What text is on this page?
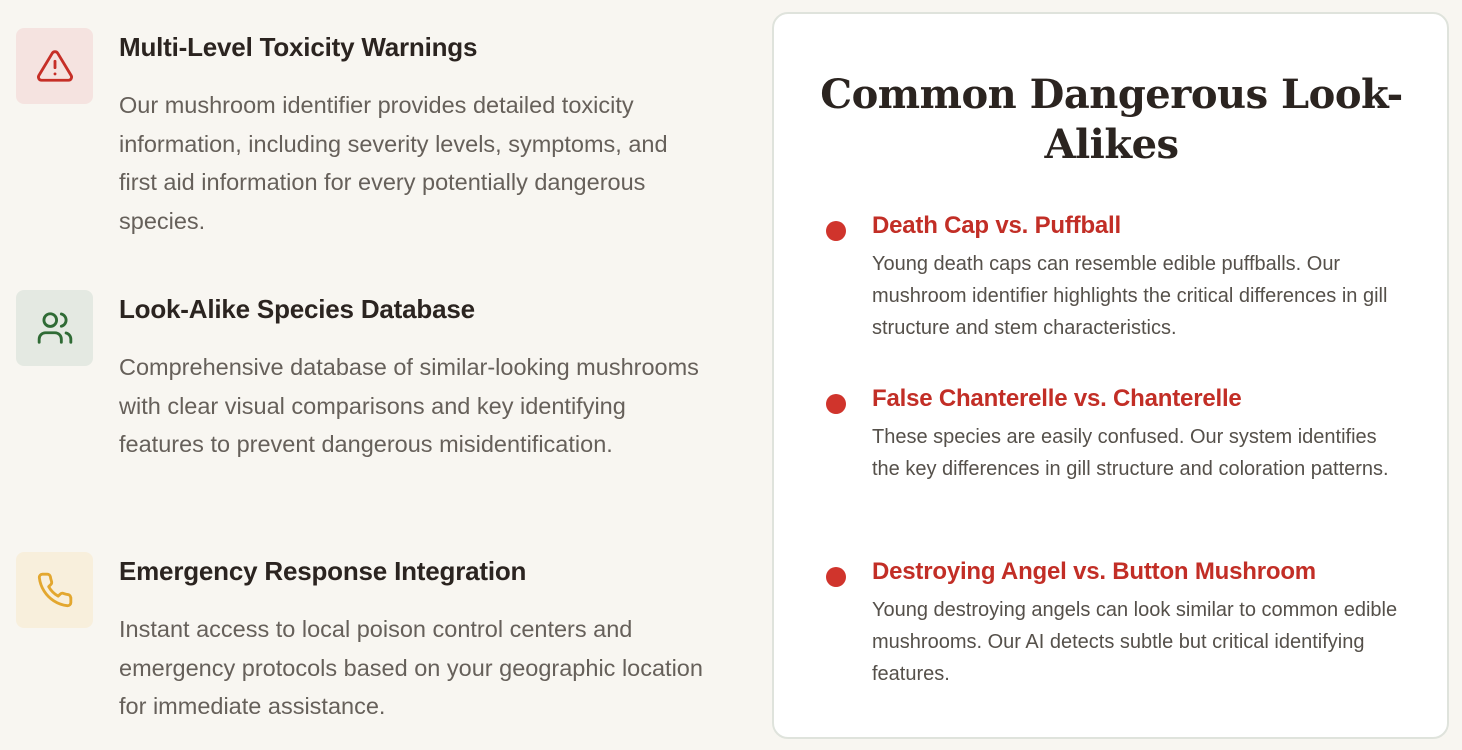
Multi-Level Toxicity Warnings

Our mushroom identifier provides detailed toxicity information, including severity levels, symptoms, and first aid information for every potentially dangerous species.

Look-Alike Species Database

Comprehensive database of similar-looking mushrooms with clear visual comparisons and key identifying features to prevent dangerous misidentification.

Emergency Response Integration

Instant access to local poison control centers and emergency protocols based on your geographic location for immediate assistance.

Common Dangerous Look-Alikes
Death Cap vs. Puffball

Young death caps can resemble edible puffballs. Our mushroom identifier highlights the critical differences in gill structure and stem characteristics.

False Chanterelle vs. Chanterelle

These species are easily confused. Our system identifies the key differences in gill structure and coloration patterns.

Destroying Angel vs. Button Mushroom

Young destroying angels can look similar to common edible mushrooms. Our AI detects subtle but critical identifying features.
